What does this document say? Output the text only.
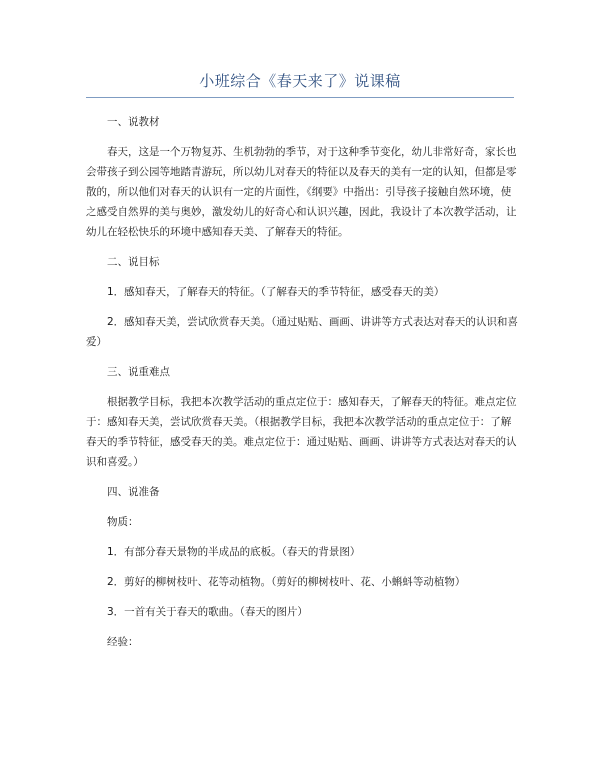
小班综合《春天来了》说课稿

一、说教材

春天，这是一个万物复苏、生机勃勃的季节，对于这种季节变化，幼儿非常好奇，家长也会带孩子到公园等地踏青游玩，所以幼儿对春天的特征以及春天的美有一定的认知，但都是零散的，所以他们对春天的认识有一定的片面性，《纲要》中指出：引导孩子接触自然环境，使之感受自然界的美与奥妙，激发幼儿的好奇心和认识兴趣，因此，我设计了本次教学活动，让幼儿在轻松快乐的环境中感知春天美、了解春天的特征。

二、说目标

1．感知春天，了解春天的特征。（了解春天的季节特征，感受春天的美）

2．感知春天美，尝试欣赏春天美。（通过贴贴、画画、讲讲等方式表达对春天的认识和喜爱）

三、说重难点

根据教学目标，我把本次教学活动的重点定位于：感知春天，了解春天的特征。难点定位于：感知春天美，尝试欣赏春天美。（根据教学目标，我把本次教学活动的重点定位于：了解春天的季节特征，感受春天的美。难点定位于：通过贴贴、画画、讲讲等方式表达对春天的认识和喜爱。）

四、说准备

物质：

1．有部分春天景物的半成品的底板。（春天的背景图）

2．剪好的柳树枝叶、花等动植物。（剪好的柳树枝叶、花、小蝌蚪等动植物）

3．一首有关于春天的歌曲。（春天的图片）

经验：
